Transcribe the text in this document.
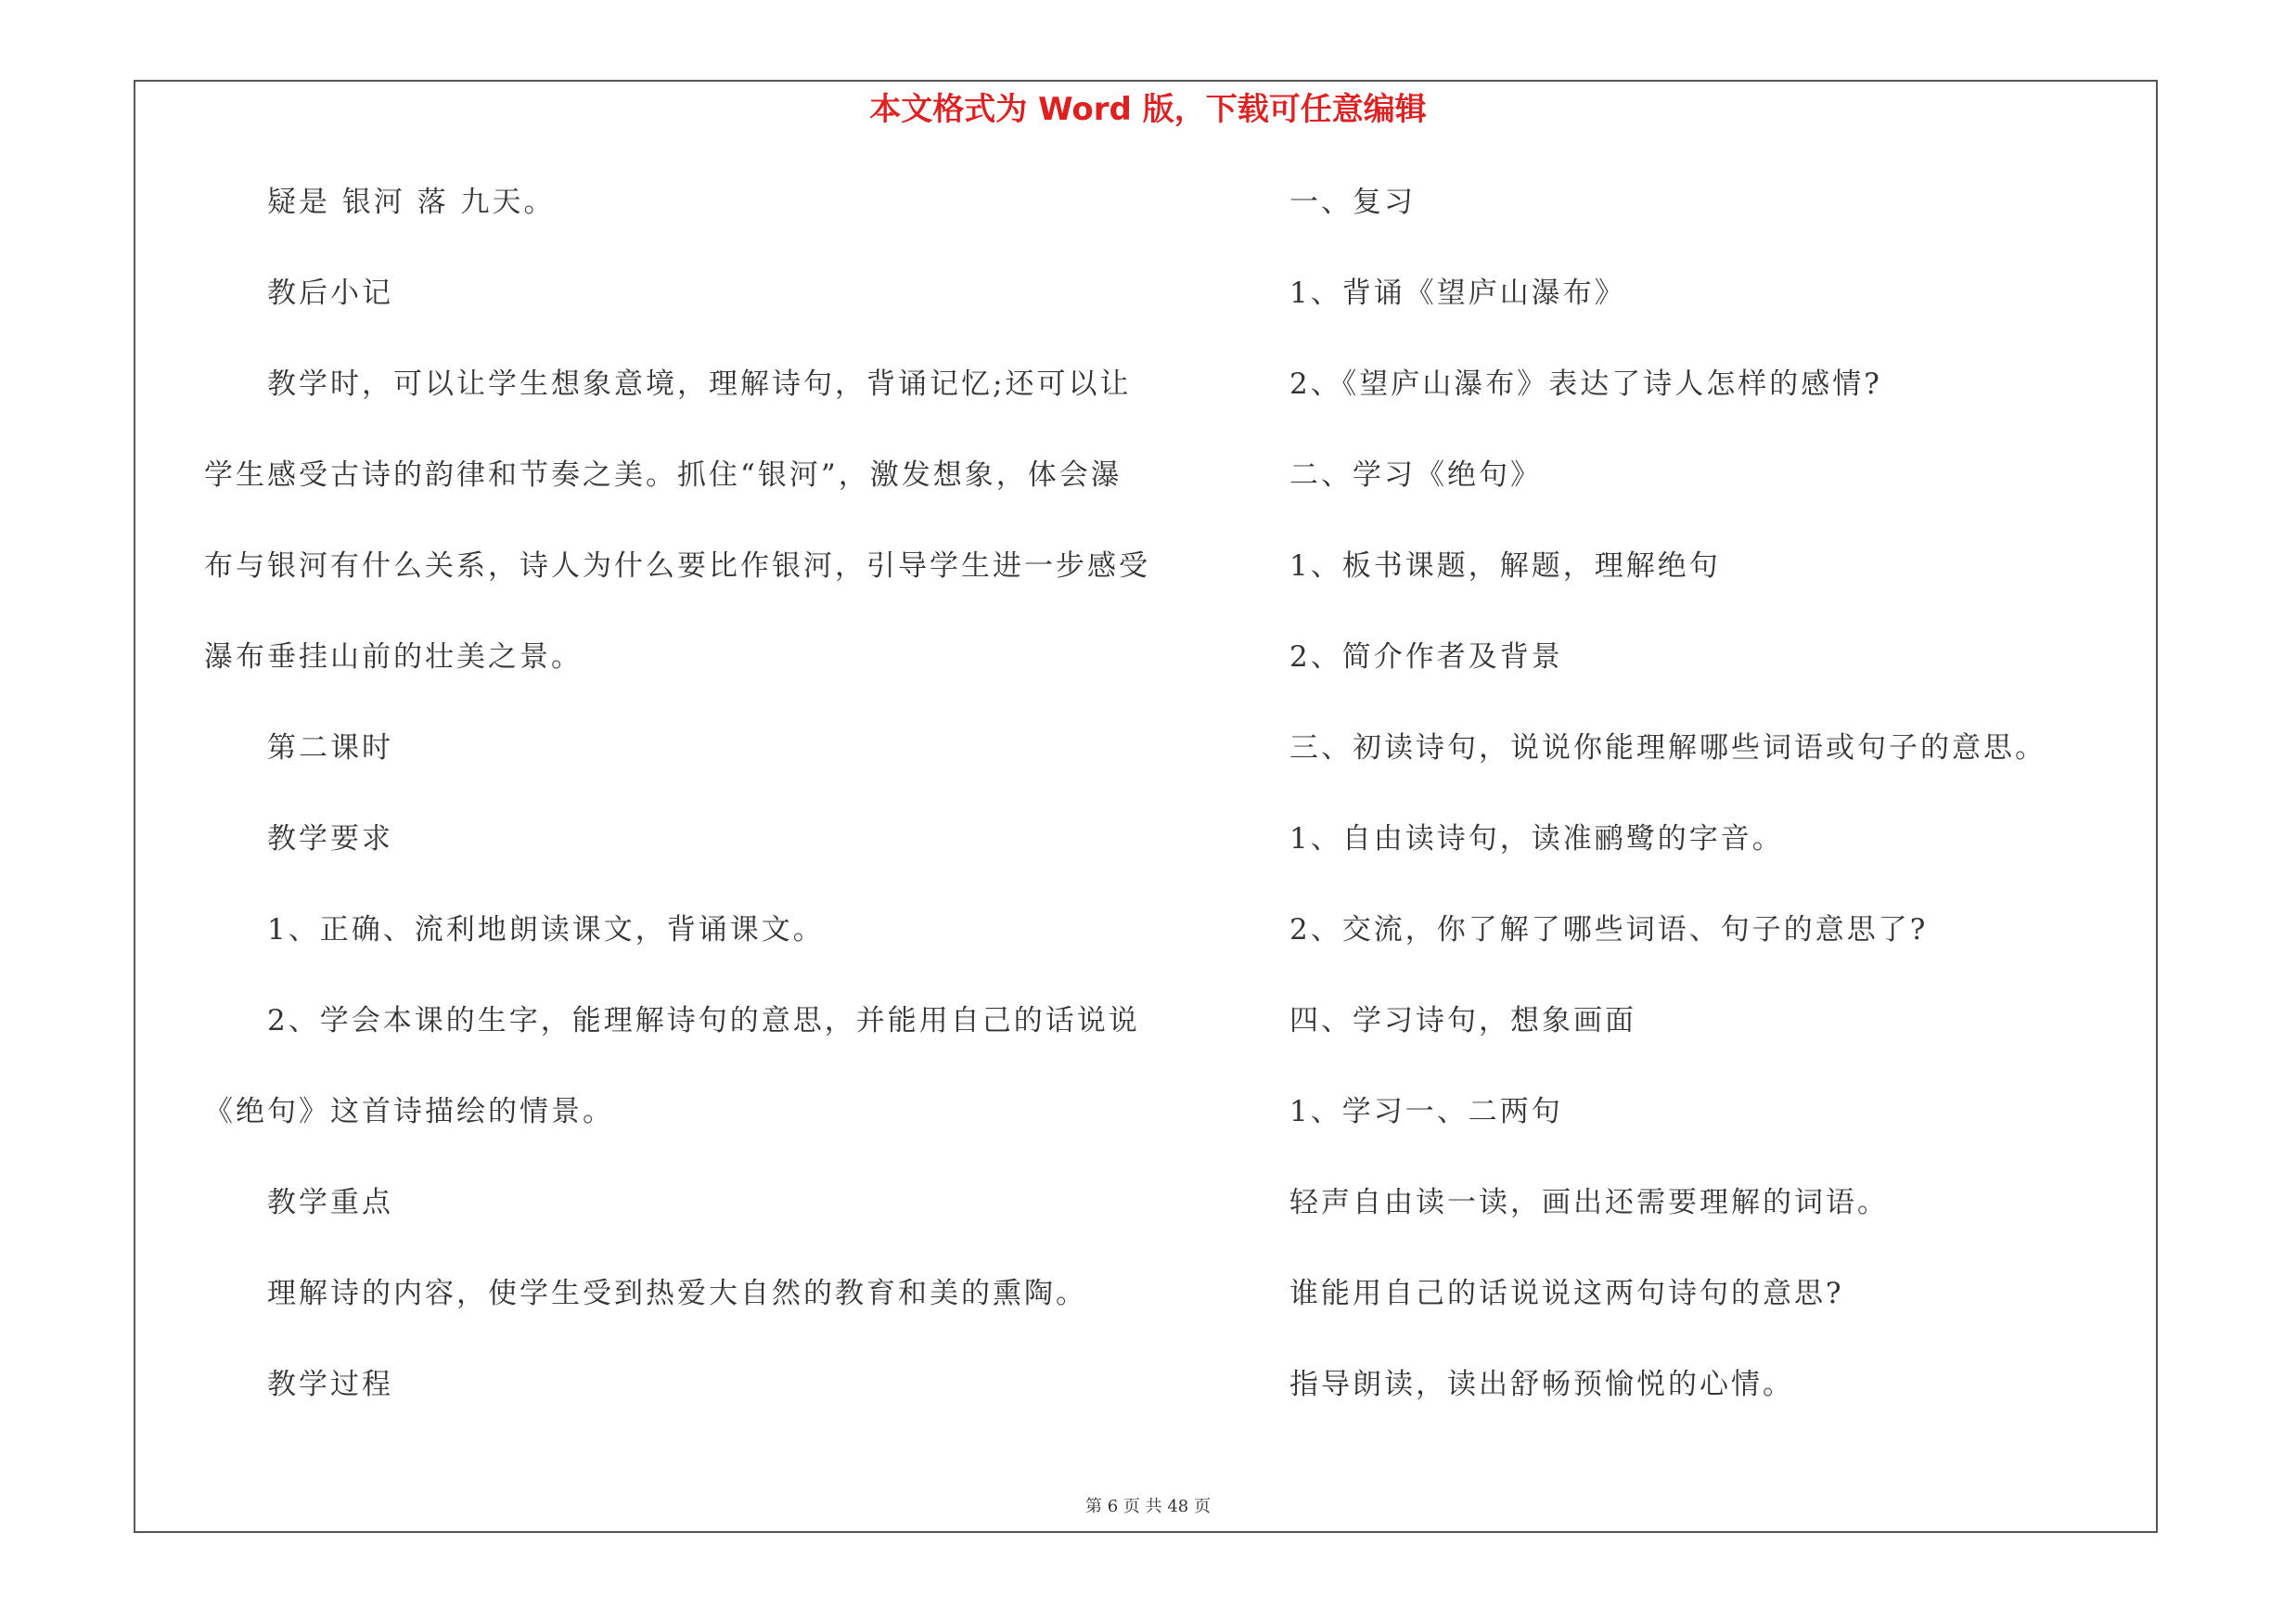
本文格式为 Word 版，下载可任意编辑
疑是 银河 落 九天。
教后小记
教学时，可以让学生想象意境，理解诗句，背诵记忆;还可以让
学生感受古诗的韵律和节奏之美。抓住“银河”，激发想象，体会瀑
布与银河有什么关系，诗人为什么要比作银河，引导学生进一步感受
瀑布垂挂山前的壮美之景。
第二课时
教学要求
1、正确、流利地朗读课文，背诵课文。
2、学会本课的生字，能理解诗句的意思，并能用自己的话说说
《绝句》这首诗描绘的情景。
教学重点
理解诗的内容，使学生受到热爱大自然的教育和美的熏陶。
教学过程
一、复习
1、背诵《望庐山瀑布》
2、《望庐山瀑布》表达了诗人怎样的感情?
二、学习《绝句》
1、板书课题，解题，理解绝句
2、简介作者及背景
三、初读诗句，说说你能理解哪些词语或句子的意思。
1、自由读诗句，读准鹂鹭的字音。
2、交流，你了解了哪些词语、句子的意思了?
四、学习诗句，想象画面
1、学习一、二两句
轻声自由读一读，画出还需要理解的词语。
谁能用自己的话说说这两句诗句的意思?
指导朗读，读出舒畅预愉悦的心情。
第 6 页 共 48 页
